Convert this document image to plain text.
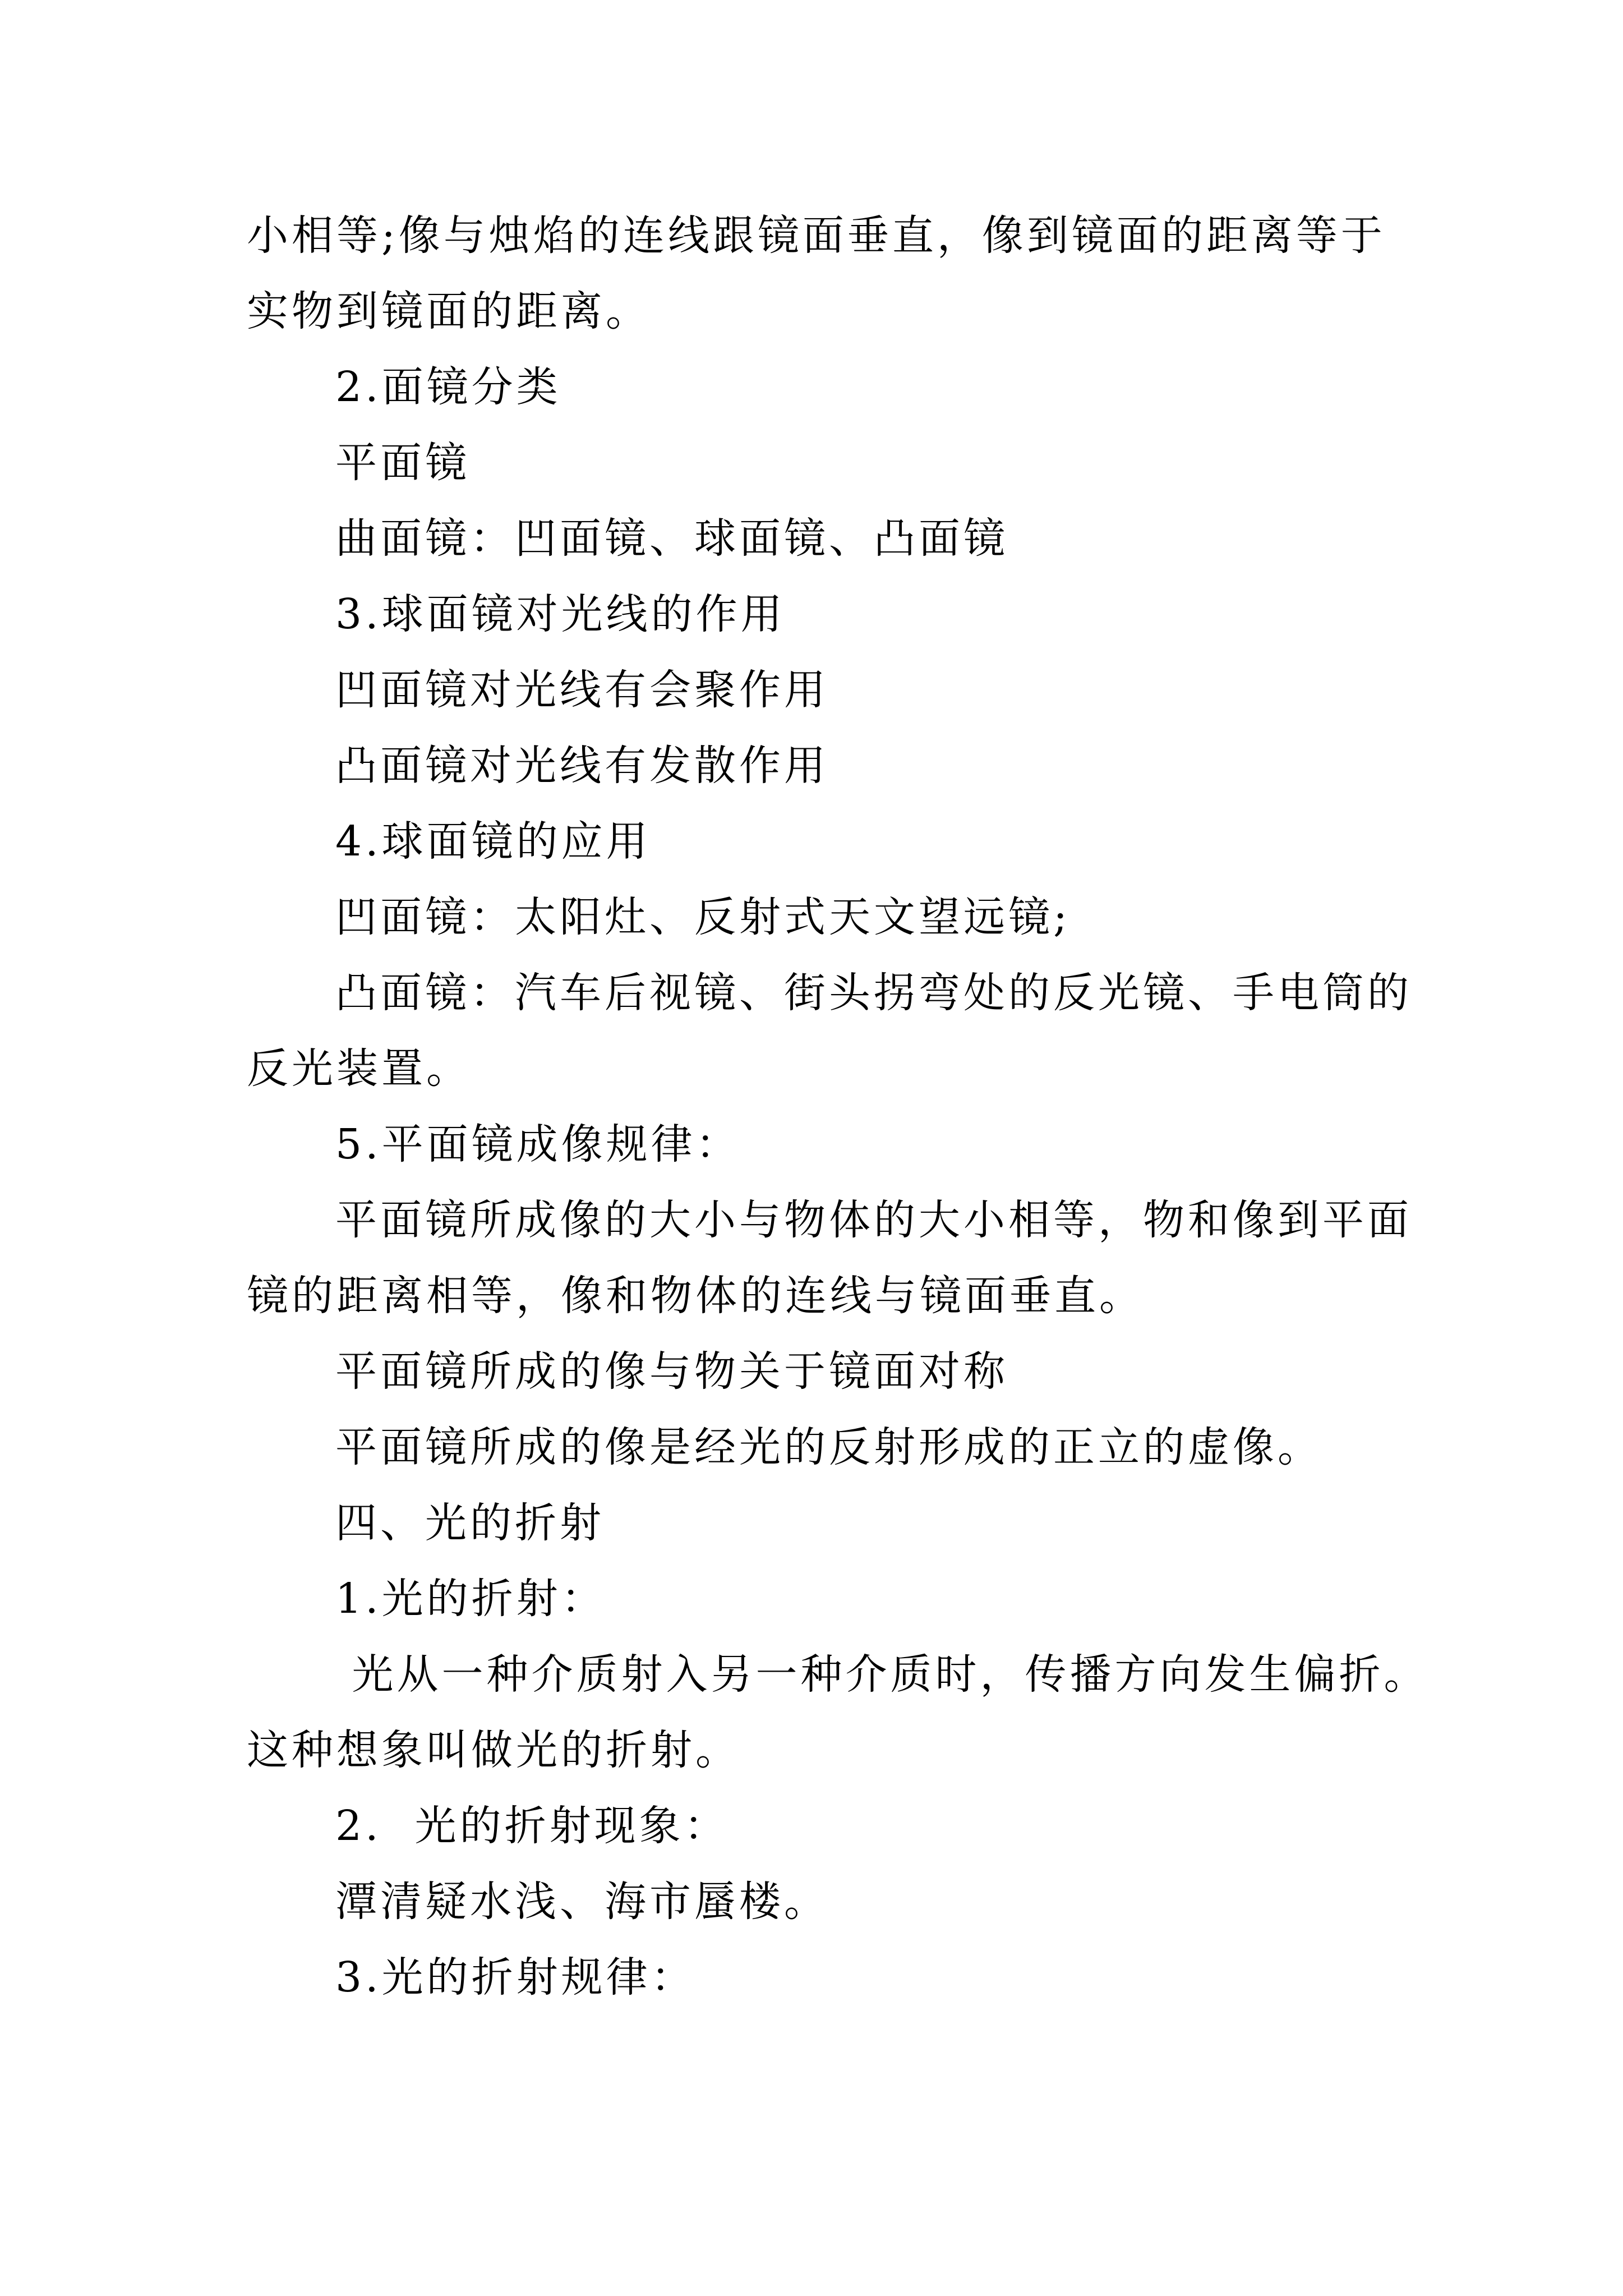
小相等;像与烛焰的连线跟镜面垂直，像到镜面的距离等于
实物到镜面的距离。
2.面镜分类
平面镜
曲面镜：凹面镜、球面镜、凸面镜
3.球面镜对光线的作用
凹面镜对光线有会聚作用
凸面镜对光线有发散作用
4.球面镜的应用
凹面镜：太阳灶、反射式天文望远镜;
凸面镜：汽车后视镜、街头拐弯处的反光镜、手电筒的
反光装置。
5.平面镜成像规律：
平面镜所成像的大小与物体的大小相等，物和像到平面
镜的距离相等，像和物体的连线与镜面垂直。
平面镜所成的像与物关于镜面对称
平面镜所成的像是经光的反射形成的正立的虚像。
四、光的折射
1.光的折射：
光从一种介质射入另一种介质时，传播方向发生偏折。
这种想象叫做光的折射。
2.  光的折射现象：
潭清疑水浅、海市蜃楼。
3.光的折射规律：
